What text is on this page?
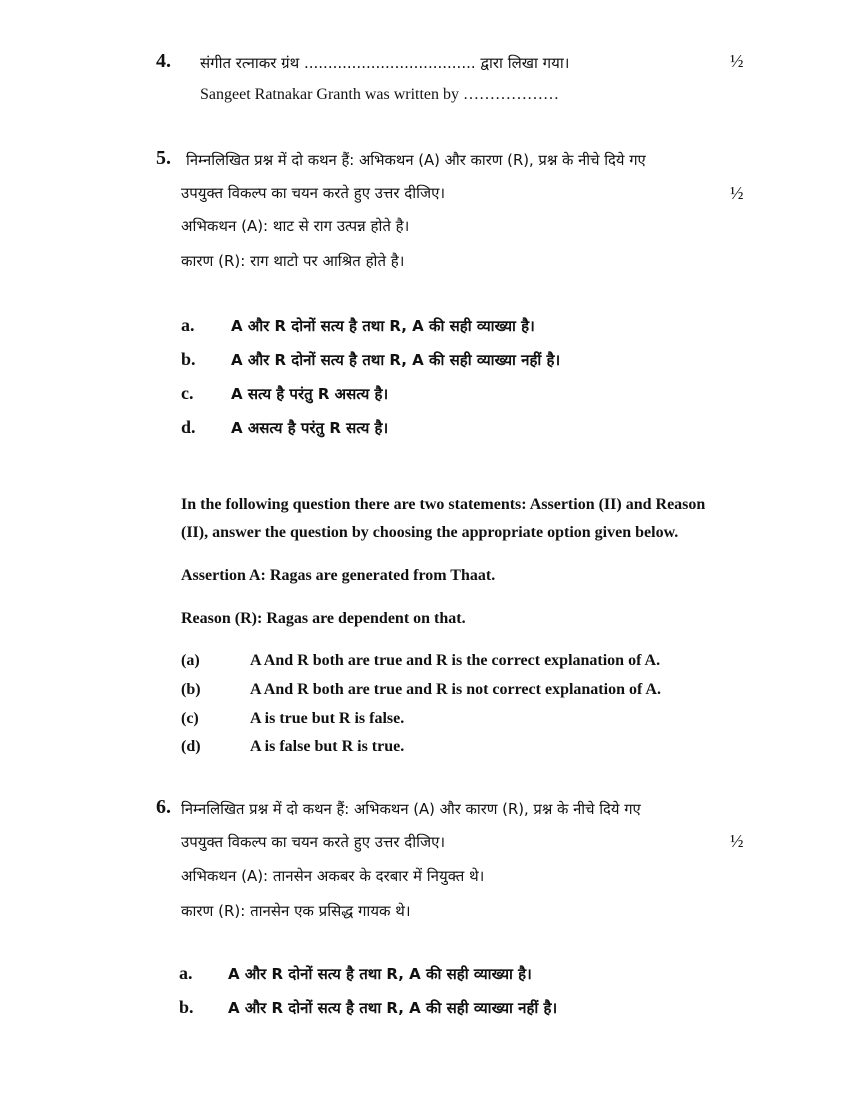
4. संगीत रत्नाकर ग्रंथ .................................... द्वारा लिखा गया।	½
Sangeet Ratnakar Granth was written by ………………
5. निम्नलिखित प्रश्न में दो कथन हैं: अभिकथन (A) और कारण (R), प्रश्न के नीचे दिये गए
उपयुक्त विकल्प का चयन करते हुए उत्तर दीजिए।	½
अभिकथन (A): थाट से राग उत्पन्न होते है।
कारण (R): राग थाटो पर आश्रित होते है।
a. A और R दोनों सत्य है तथा R, A की सही व्याख्या है।
b. A और R दोनों सत्य है तथा R, A की सही व्याख्या नहीं है।
c.	A सत्य है परंतु R असत्य है।
d. A असत्य है परंतु R सत्य है।
In the following question there are two statements: Assertion (II) and Reason
(II), answer the question by choosing the appropriate option given below.
Assertion A: Ragas are generated from Thaat.
Reason (R): Ragas are dependent on that.
(a)	A And R both are true and R is the correct explanation of A.
(b)	A And R both are true and R is not correct explanation of A.
(c)	A is true but R is false.
(d)	A is false but R is true.
6. निम्नलिखित प्रश्न में दो कथन हैं: अभिकथन (A) और कारण (R), प्रश्न के नीचे दिये गए
उपयुक्त विकल्प का चयन करते हुए उत्तर दीजिए।	½
अभिकथन (A): तानसेन अकबर के दरबार में नियुक्त थे।
कारण (R): तानसेन एक प्रसिद्ध गायक थे।
a. A और R दोनों सत्य है तथा R, A की सही व्याख्या है।
b. A और R दोनों सत्य है तथा R, A की सही व्याख्या नहीं है।
